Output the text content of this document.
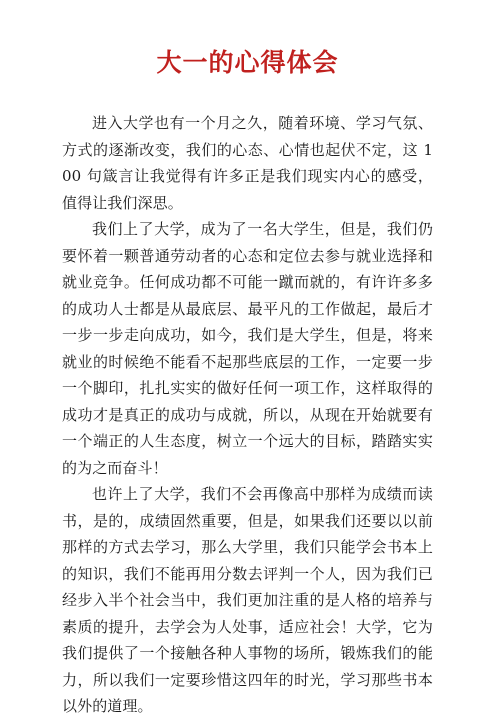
大一的心得体会

进入大学也有一个月之久，随着环境、学习气氛、方式的逐渐改变，我们的心态、心情也起伏不定，这 100 句箴言让我觉得有许多正是我们现实内心的感受，值得让我们深思。

我们上了大学，成为了一名大学生，但是，我们仍要怀着一颗普通劳动者的心态和定位去参与就业选择和就业竞争。任何成功都不可能一蹴而就的，有许许多多的成功人士都是从最底层、最平凡的工作做起，最后才一步一步走向成功，如今，我们是大学生，但是，将来就业的时候绝不能看不起那些底层的工作，一定要一步一个脚印，扎扎实实的做好任何一项工作，这样取得的成功才是真正的成功与成就，所以，从现在开始就要有一个端正的人生态度，树立一个远大的目标，踏踏实实的为之而奋斗！

也许上了大学，我们不会再像高中那样为成绩而读书，是的，成绩固然重要，但是，如果我们还要以以前那样的方式去学习，那么大学里，我们只能学会书本上的知识，我们不能再用分数去评判一个人，因为我们已经步入半个社会当中，我们更加注重的是人格的培养与素质的提升，去学会为人处事，适应社会！大学，它为我们提供了一个接触各种人事物的场所，锻炼我们的能力，所以我们一定要珍惜这四年的时光，学习那些书本以外的道理。
